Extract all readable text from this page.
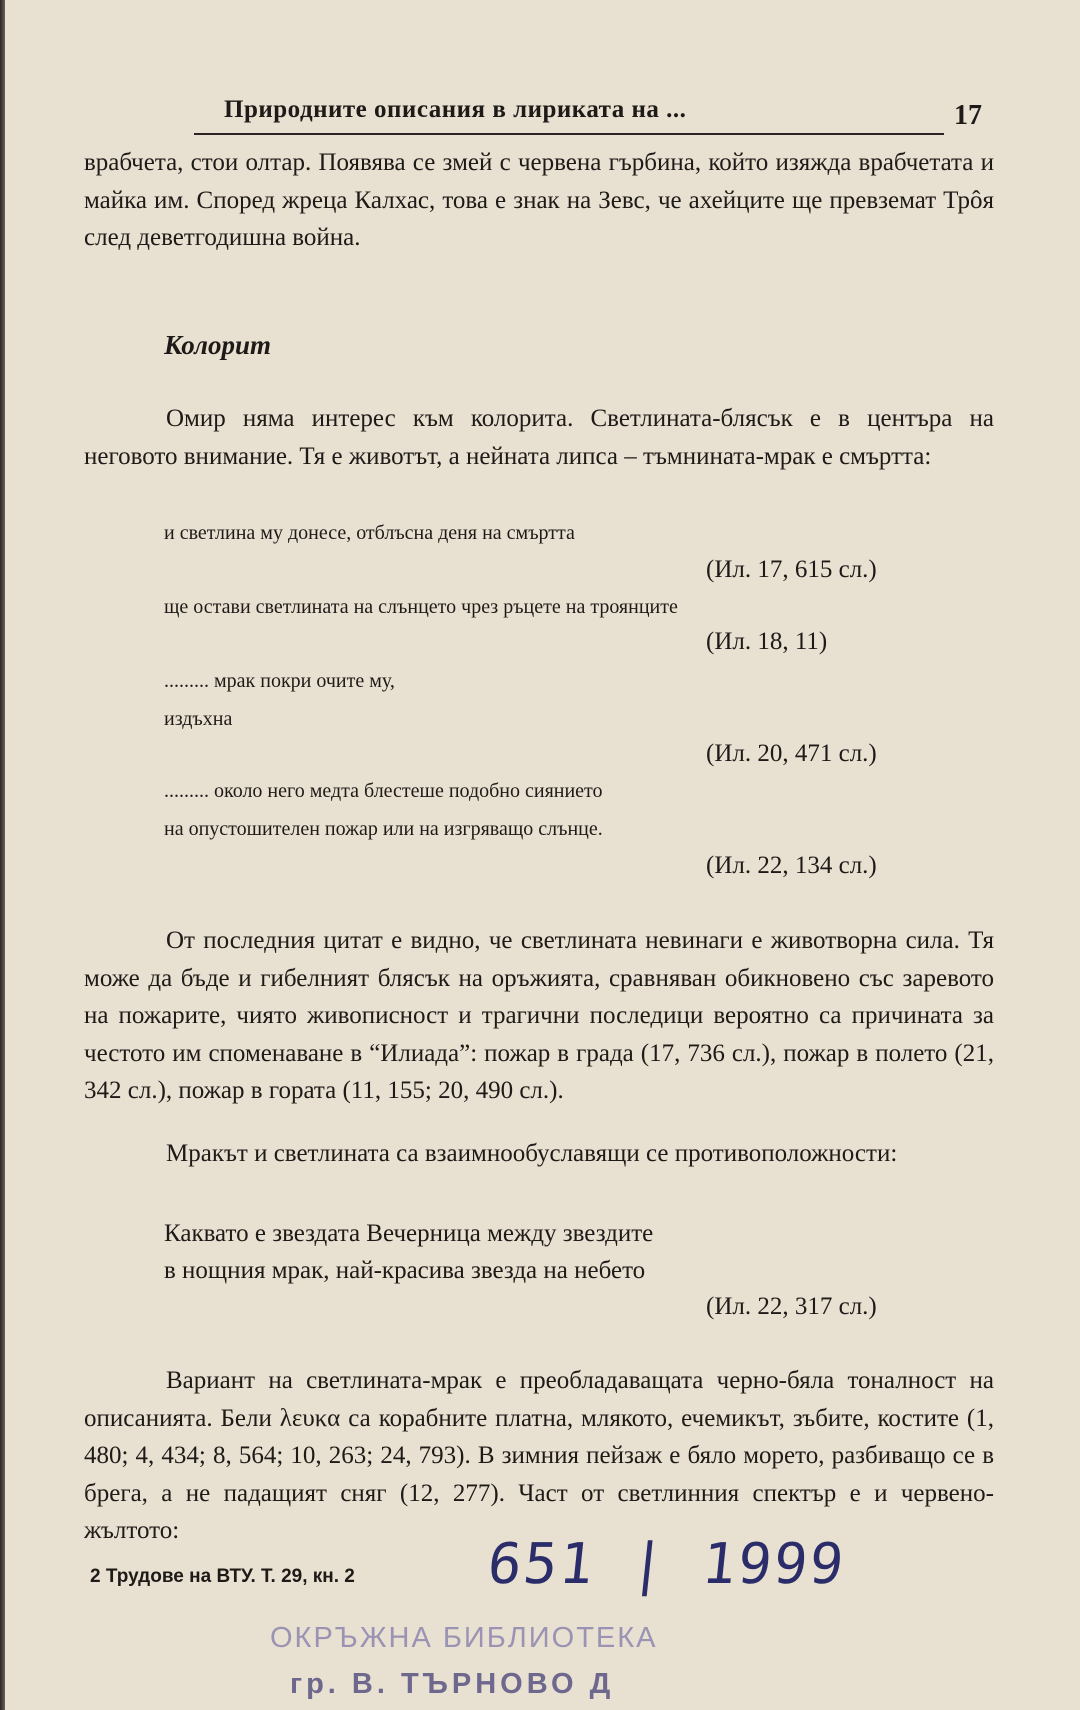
Природните описания в лириката на ...	17

врабчета, стои олтар. Появява се змей с червена гърбина, който изяжда врабчетата и майка им. Според жреца Калхас, това е знак на Зевс, че ахейците ще превземат Трôя след деветгодишна война.

Колорит

Омир няма интерес към колорита. Светлината-блясък е в центъра на неговото внимание. Тя е животът, а нейната липса – тъмнината-мрак е смъртта:

и светлина му донесе, отблъсна деня на смъртта

(Ил. 17, 615 сл.)

ще остави светлината на слънцето чрез ръцете на троянците

(Ил. 18, 11)

......... мрак покри очите му,

издъхна

(Ил. 20, 471 сл.)

......... около него медта блестеше подобно сиянието

на опустошителен пожар или на изгряващо слънце.

(Ил. 22, 134 сл.)

От последния цитат е видно, че светлината невинаги е животворна сила. Тя може да бъде и гибелният блясък на оръжията, сравняван обикновено със заревото на пожарите, чиято живописност и трагични последици вероятно са причината за честото им споменаване в “Илиада”: пожар в града (17, 736 сл.), пожар в полето (21, 342 сл.), пожар в гората (11, 155; 20, 490 сл.).

Мракът и светлината са взаимнообуславящи се противоположности:

Каквато е звездата Вечерница между звездите

в нощния мрак, най-красива звезда на небето

(Ил. 22, 317 сл.)

Вариант на светлината-мрак е преобладаващата черно-бяла тоналност на описанията. Бели λευκα са корабните платна, млякото, ечемикът, зъбите, костите (1, 480; 4, 434; 8, 564; 10, 263; 24, 793). В зимния пейзаж е бяло морето, разбиващо се в брега, а не падащият сняг (12, 277). Част от светлинния спектър е и червено-жълтото:

2 Трудове на ВТУ. Т. 29, кн. 2 651 | 1999
ОКРЪЖНА БИБЛИОТЕКА
гр. В. ТЪРНОВО Д
